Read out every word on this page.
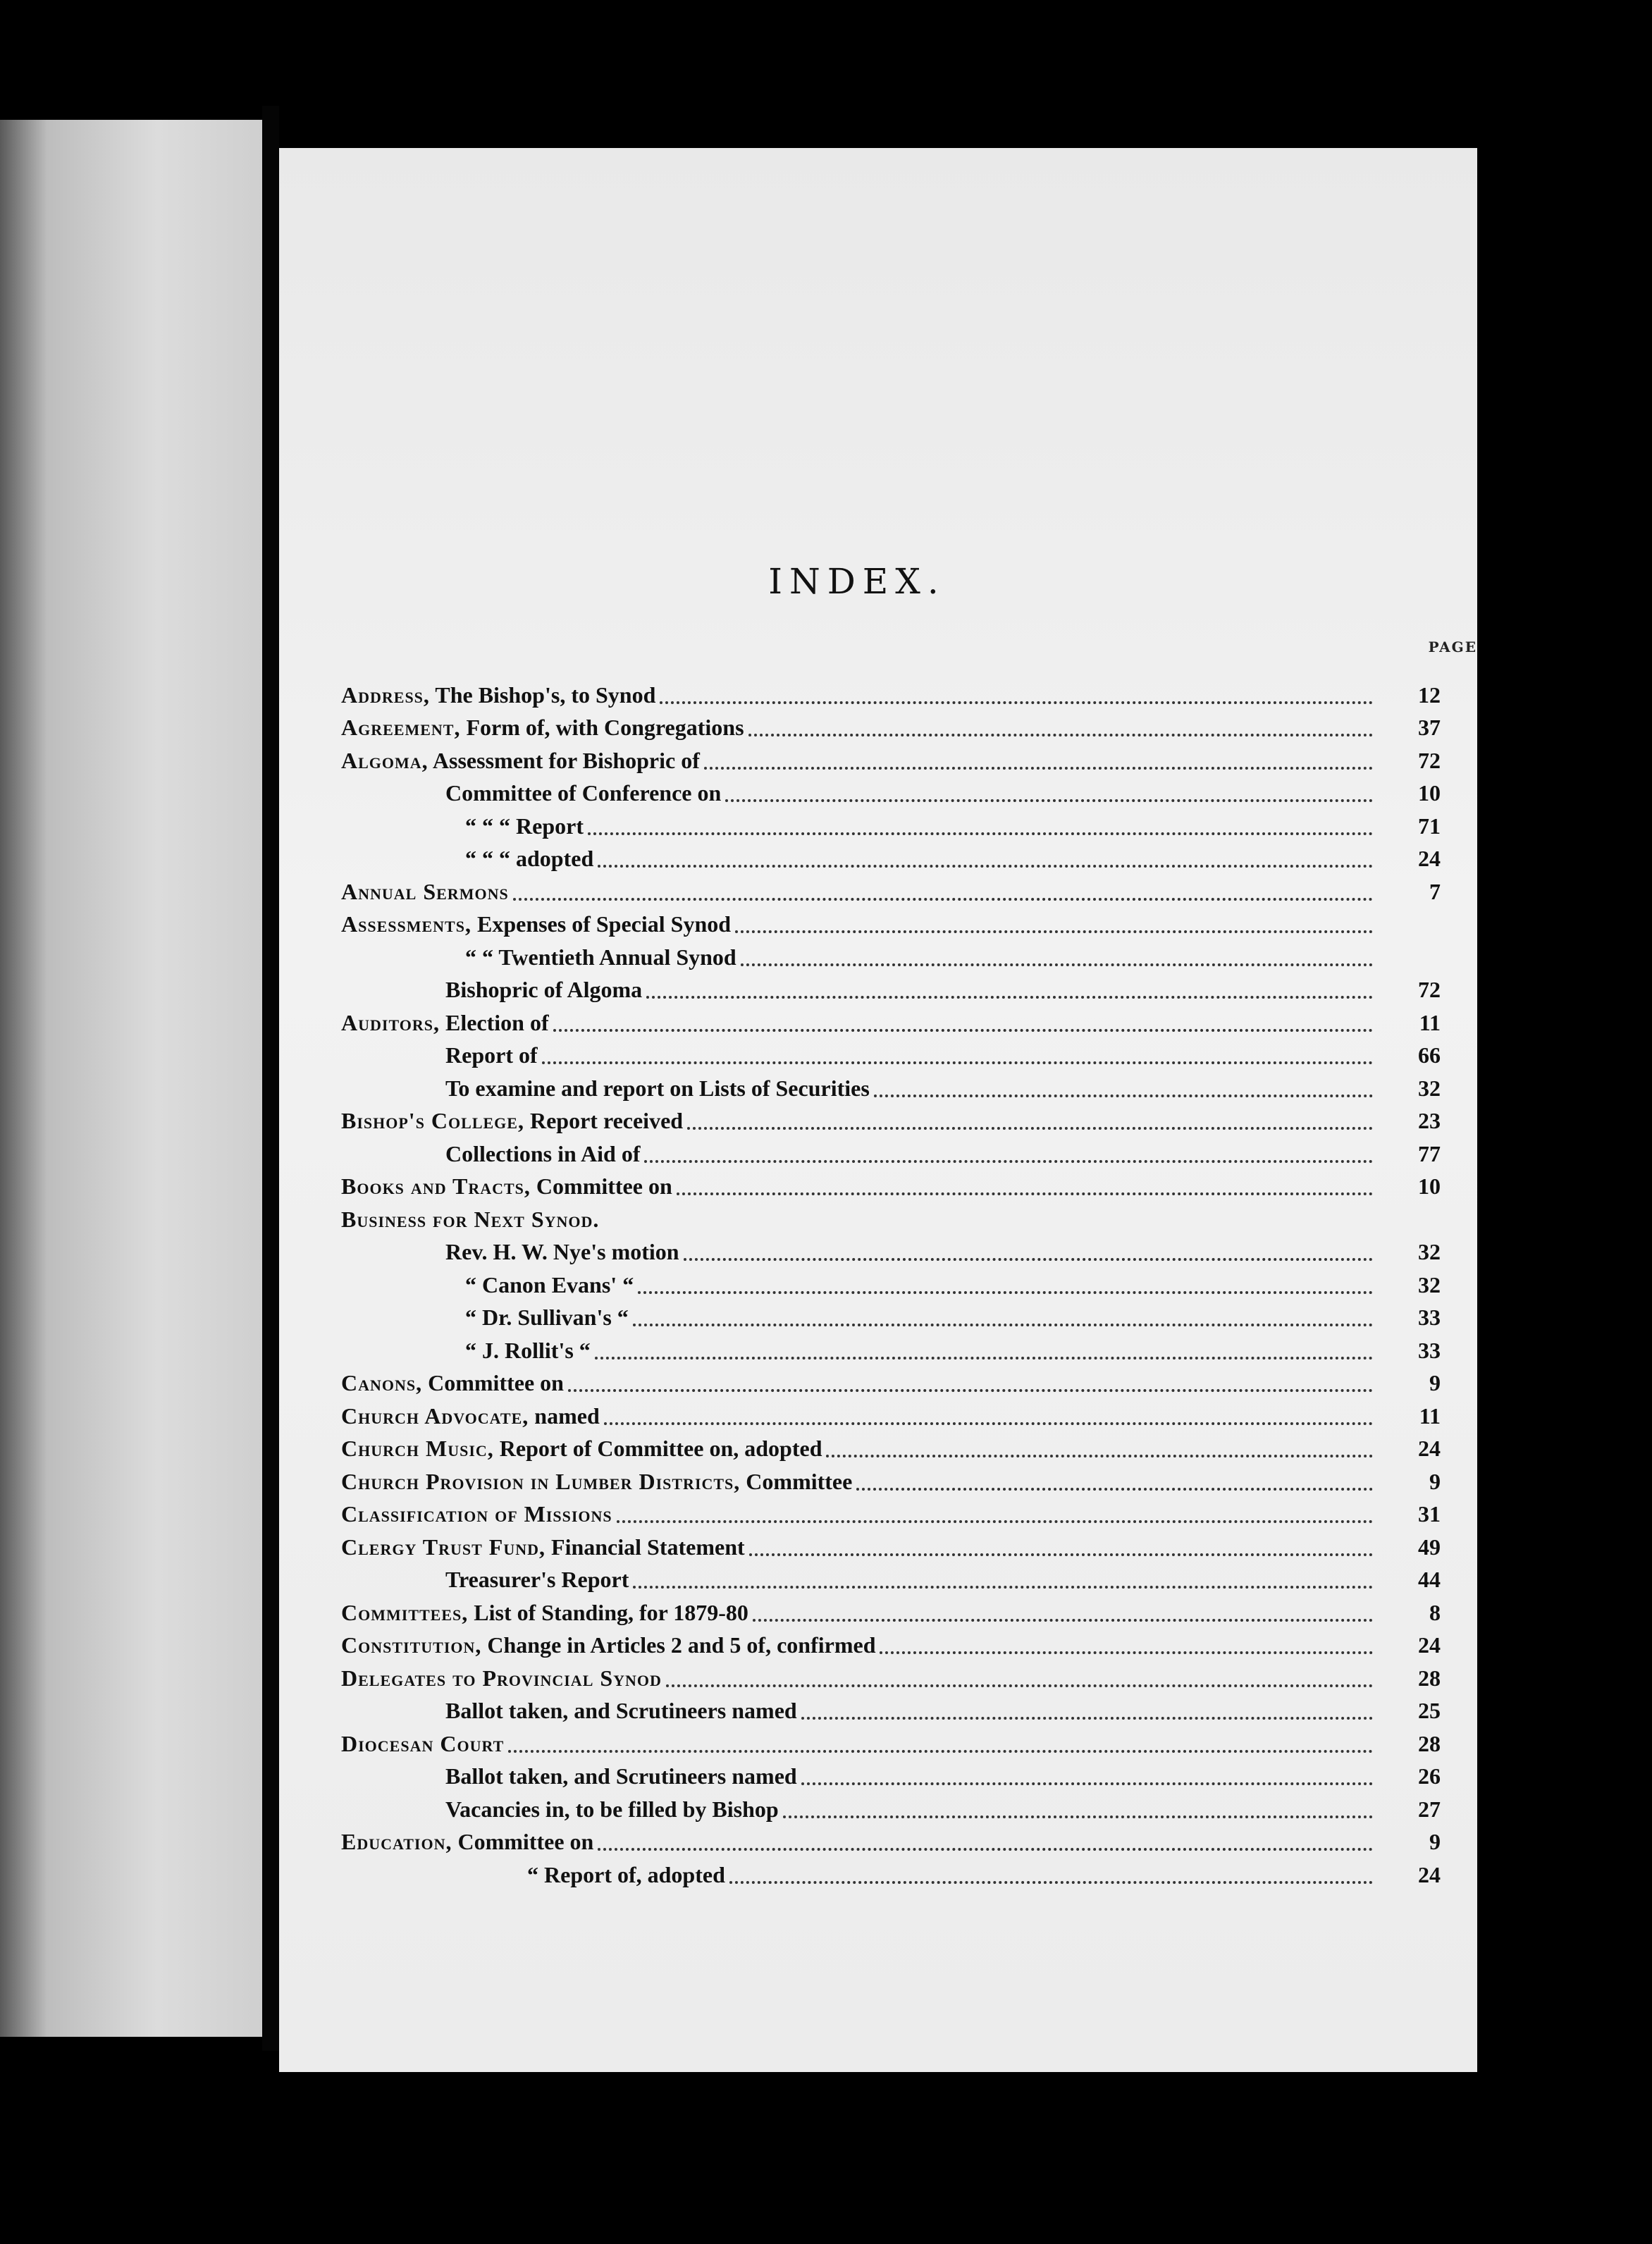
INDEX.
PAGE
Address, The Bishop's, to Synod	12
Agreement, Form of, with Congregations	37
Algoma, Assessment for Bishopric of	72
Committee of Conference on	10
“ “ “ Report	71
“ “ “ adopted	24
Annual Sermons	7
Assessments, Expenses of Special Synod
“ “ Twentieth Annual Synod
Bishopric of Algoma	72
Auditors, Election of	11
Report of	66
To examine and report on Lists of Securities	32
Bishop's College, Report received	23
Collections in Aid of	77
Books and Tracts, Committee on	10
Business for Next Synod.
Rev. H. W. Nye's motion	32
“ Canon Evans' “	32
“ Dr. Sullivan's “	33
“ J. Rollit's “	33
Canons, Committee on	9
Church Advocate, named	11
Church Music, Report of Committee on, adopted	24
Church Provision in Lumber Districts, Committee	9
Classification of Missions	31
Clergy Trust Fund, Financial Statement	49
Treasurer's Report	44
Committees, List of Standing, for 1879-80	8
Constitution, Change in Articles 2 and 5 of, confirmed	24
Delegates to Provincial Synod	28
Ballot taken, and Scrutineers named	25
Diocesan Court	28
Ballot taken, and Scrutineers named	26
Vacancies in, to be filled by Bishop	27
Education, Committee on	9
“ Report of, adopted	24
